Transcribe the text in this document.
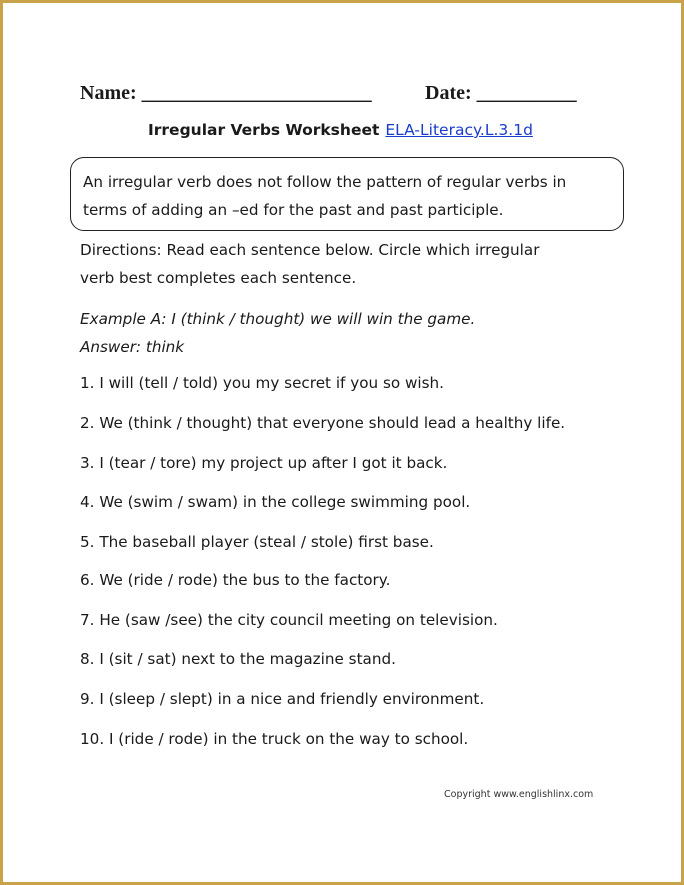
Name: _______________________	Date: __________
Irregular Verbs Worksheet ELA-Literacy.L.3.1d
An irregular verb does not follow the pattern of regular verbs in
terms of adding an –ed for the past and past participle.
Directions: Read each sentence below. Circle which irregular
verb best completes each sentence.
Example A: I (think / thought) we will win the game.
Answer: think
1. I will (tell / told) you my secret if you so wish.
2. We (think / thought) that everyone should lead a healthy life.
3. I (tear / tore) my project up after I got it back.
4. We (swim / swam) in the college swimming pool.
5. The baseball player (steal / stole) first base.
6. We (ride / rode) the bus to the factory.
7. He (saw /see) the city council meeting on television.
8. I (sit / sat) next to the magazine stand.
9. I (sleep / slept) in a nice and friendly environment.
10. I (ride / rode) in the truck on the way to school.
Copyright www.englishlinx.com
